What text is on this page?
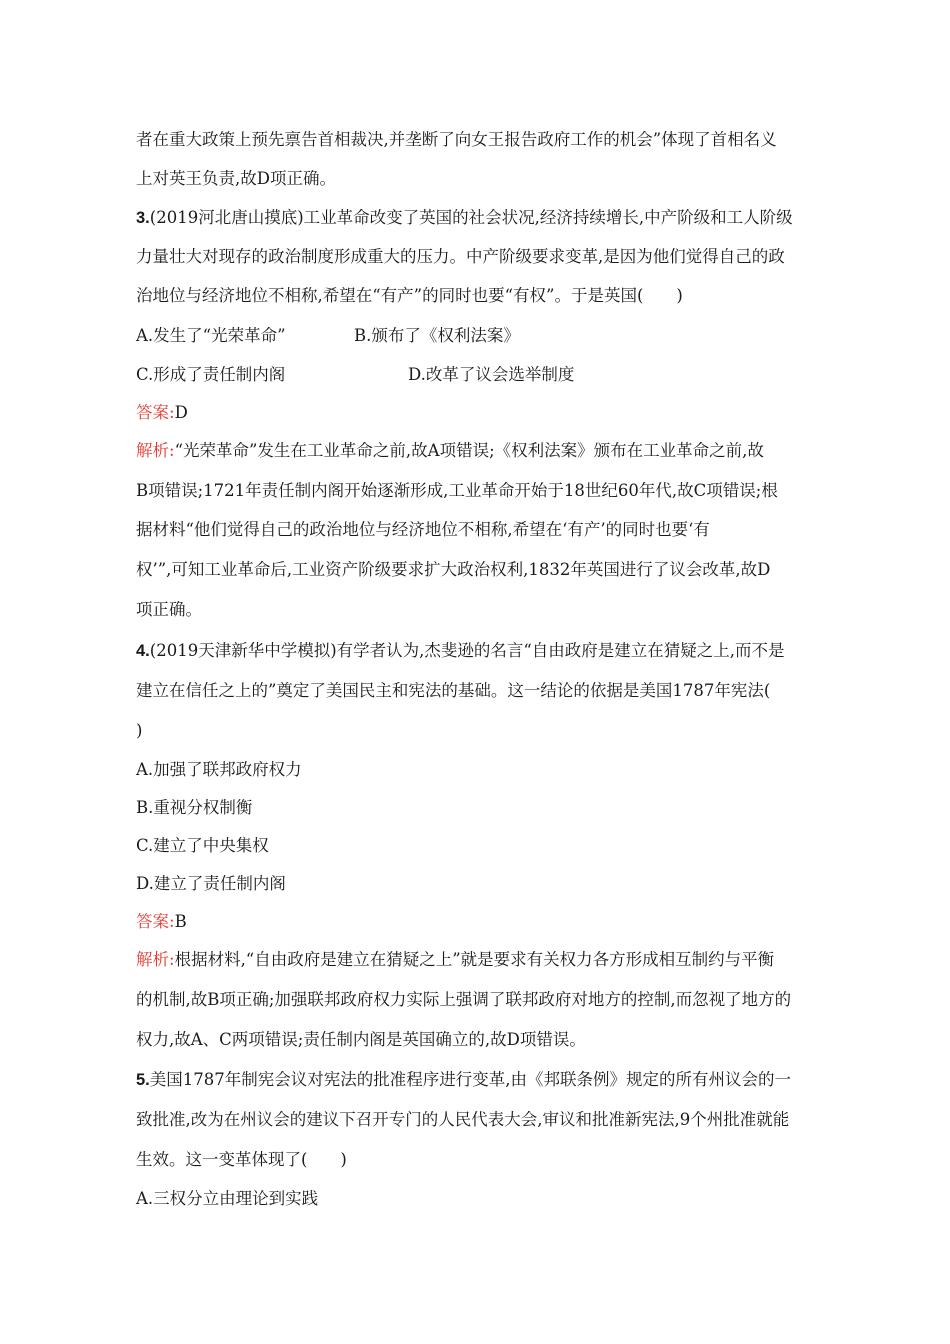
者在重大政策上预先禀告首相裁决,并垄断了向女王报告政府工作的机会”体现了首相名义
上对英王负责,故D项正确。
3.(2019河北唐山摸底)工业革命改变了英国的社会状况,经济持续增长,中产阶级和工人阶级
力量壮大对现存的政治制度形成重大的压力。中产阶级要求变革,是因为他们觉得自己的政
治地位与经济地位不相称,希望在“有产”的同时也要“有权”。于是英国(　　)
A.发生了“光荣革命”	B.颁布了《权利法案》
C.形成了责任制内阁	D.改革了议会选举制度
答案:D
解析:“光荣革命”发生在工业革命之前,故A项错误;《权利法案》颁布在工业革命之前,故
B项错误;1721年责任制内阁开始逐渐形成,工业革命开始于18世纪60年代,故C项错误;根
据材料“他们觉得自己的政治地位与经济地位不相称,希望在‘有产’的同时也要‘有
权’”,可知工业革命后,工业资产阶级要求扩大政治权利,1832年英国进行了议会改革,故D
项正确。
4.(2019天津新华中学模拟)有学者认为,杰斐逊的名言“自由政府是建立在猜疑之上,而不是
建立在信任之上的”奠定了美国民主和宪法的基础。这一结论的依据是美国1787年宪法(
)
A.加强了联邦政府权力
B.重视分权制衡
C.建立了中央集权
D.建立了责任制内阁
答案:B
解析:根据材料,“自由政府是建立在猜疑之上”就是要求有关权力各方形成相互制约与平衡
的机制,故B项正确;加强联邦政府权力实际上强调了联邦政府对地方的控制,而忽视了地方的
权力,故A、C两项错误;责任制内阁是英国确立的,故D项错误。
5.美国1787年制宪会议对宪法的批准程序进行变革,由《邦联条例》规定的所有州议会的一
致批准,改为在州议会的建议下召开专门的人民代表大会,审议和批准新宪法,9个州批准就能
生效。这一变革体现了(　　)
A.三权分立由理论到实践
